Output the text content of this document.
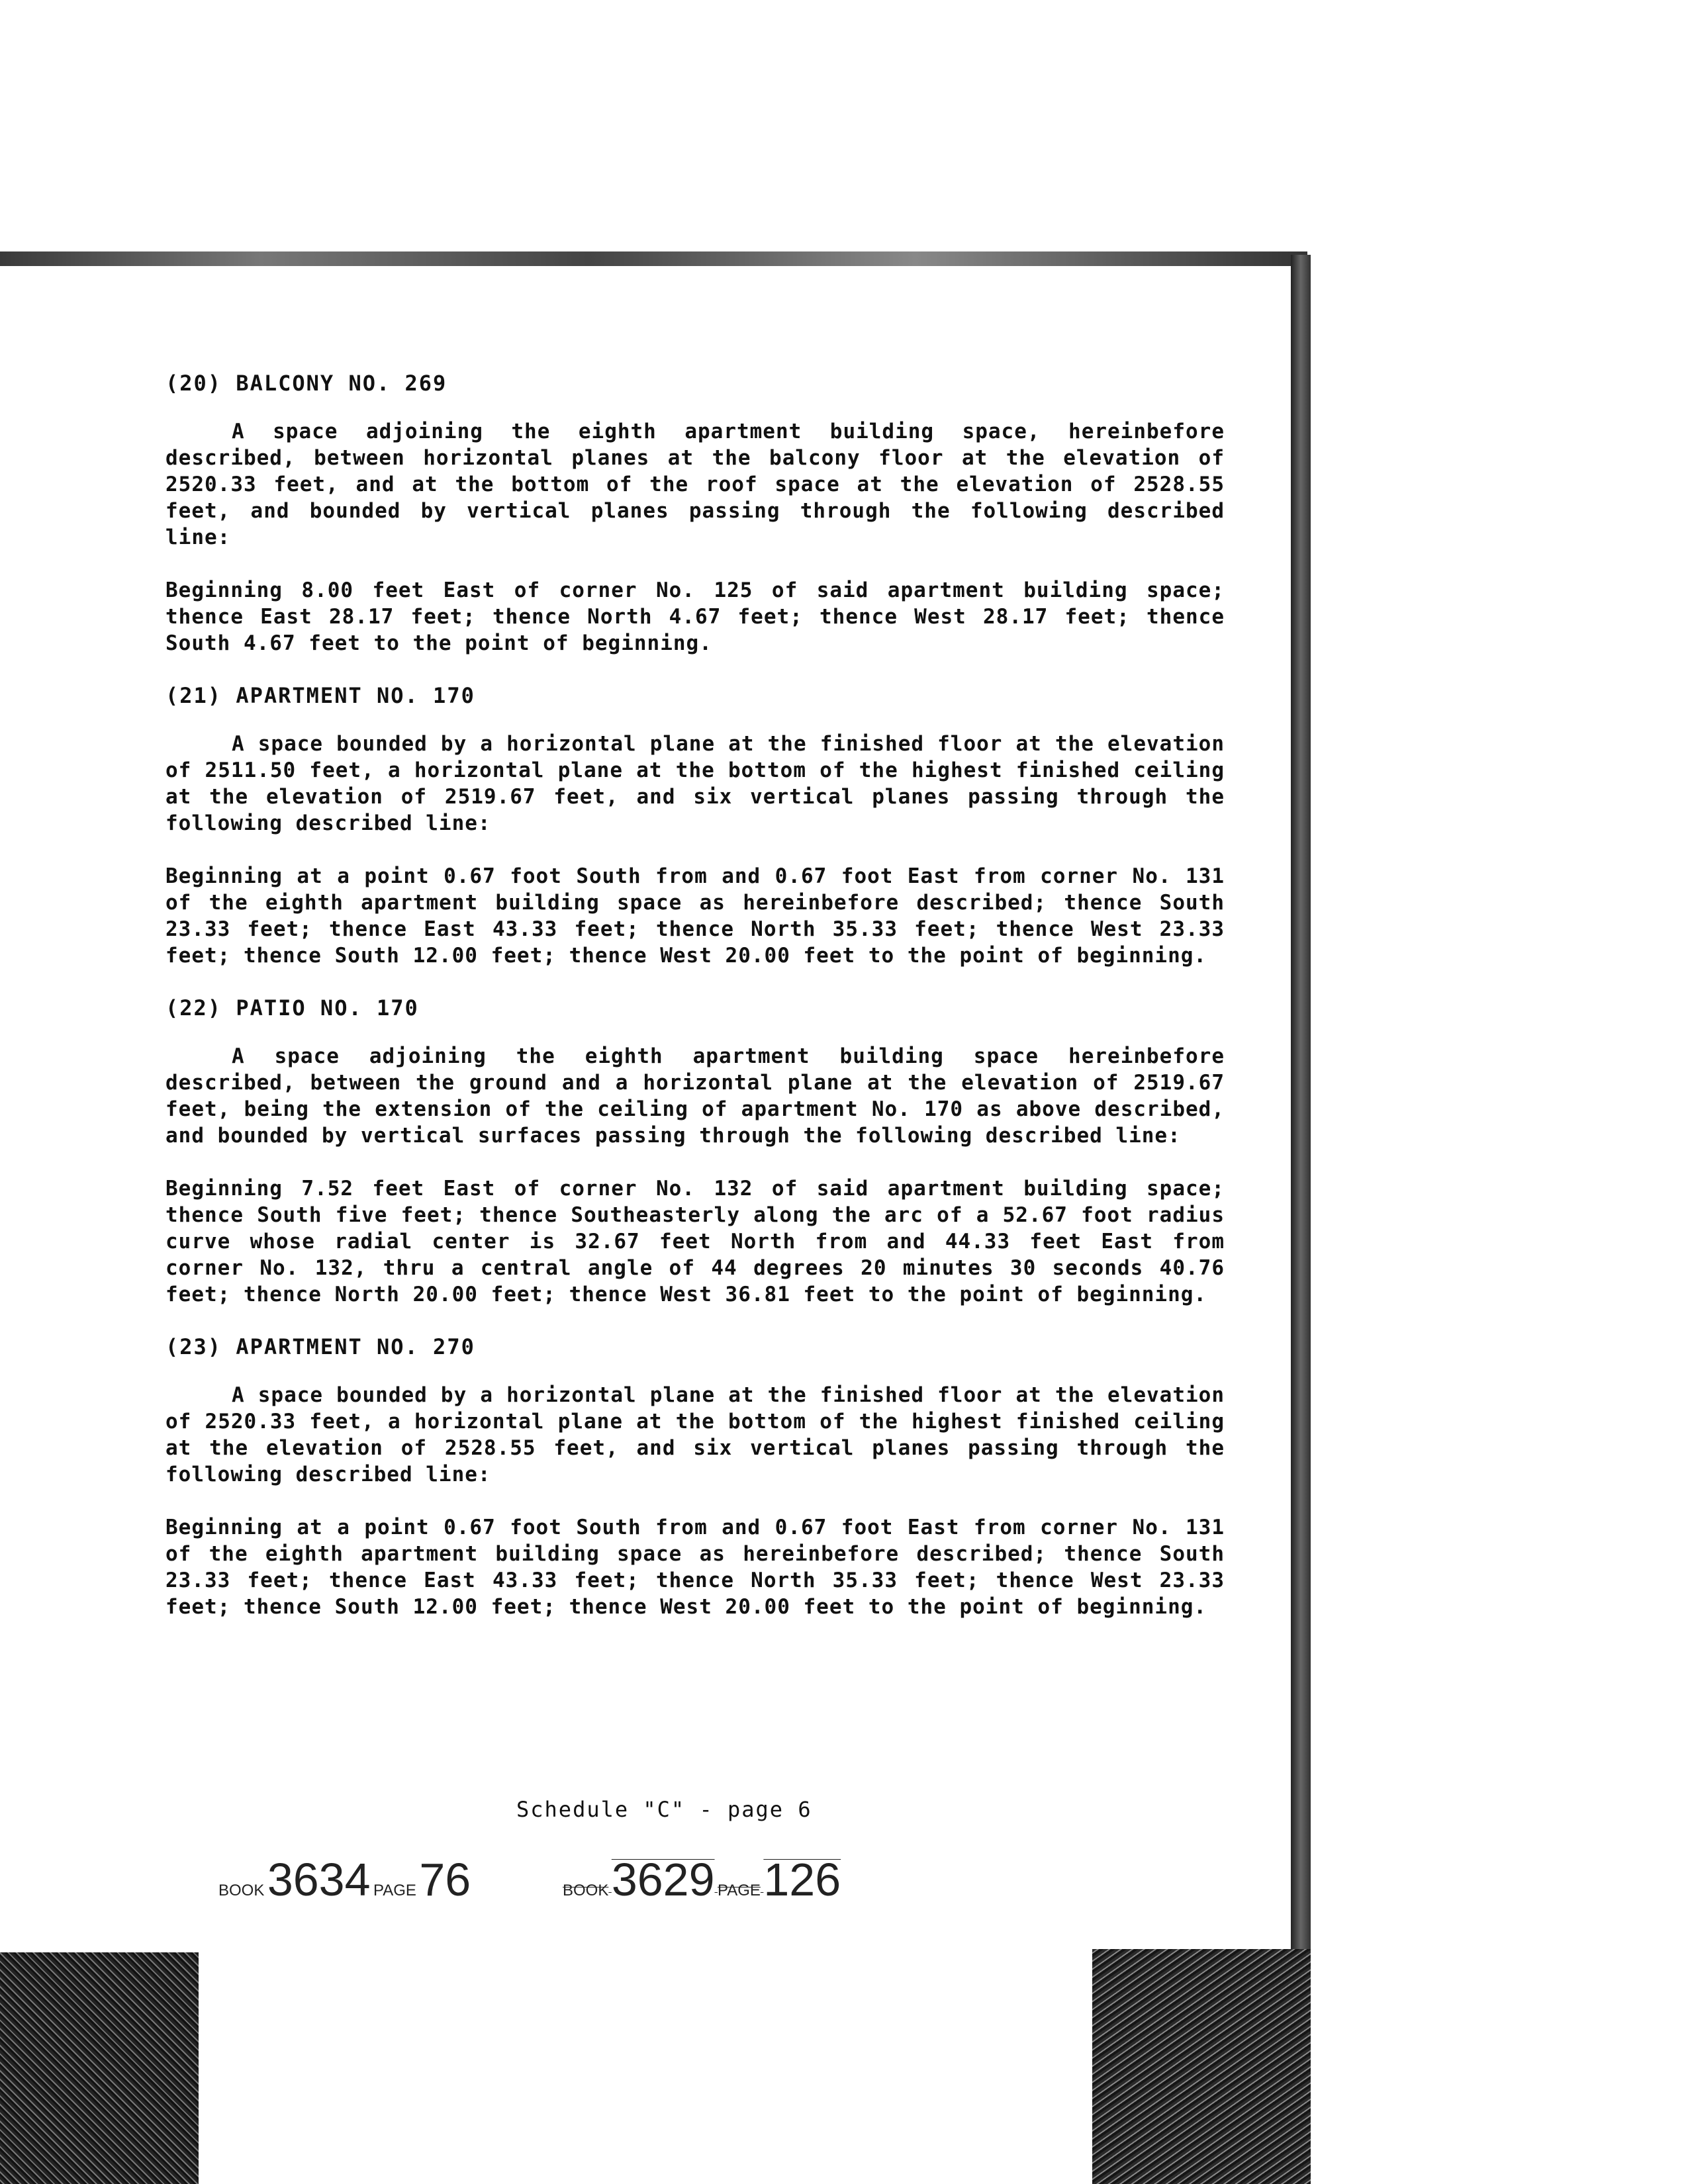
(20) BALCONY NO. 269

A space adjoining the eighth apartment building space, hereinbefore described, between horizontal planes at the balcony floor at the elevation of 2520.33 feet, and at the bottom of the roof space at the elevation of 2528.55 feet, and bounded by vertical planes passing through the following described line:

Beginning 8.00 feet East of corner No. 125 of said apartment building space; thence East 28.17 feet; thence North 4.67 feet; thence West 28.17 feet; thence South 4.67 feet to the point of beginning.

(21) APARTMENT NO. 170

A space bounded by a horizontal plane at the finished floor at the elevation of 2511.50 feet, a horizontal plane at the bottom of the highest finished ceiling at the elevation of 2519.67 feet, and six vertical planes passing through the following described line:

Beginning at a point 0.67 foot South from and 0.67 foot East from corner No. 131 of the eighth apartment building space as hereinbefore described; thence South 23.33 feet; thence East 43.33 feet; thence North 35.33 feet; thence West 23.33 feet; thence South 12.00 feet; thence West 20.00 feet to the point of beginning.

(22) PATIO NO. 170

A space adjoining the eighth apartment building space hereinbefore described, between the ground and a horizontal plane at the elevation of 2519.67 feet, being the extension of the ceiling of apartment No. 170 as above described, and bounded by vertical surfaces passing through the following described line:

Beginning 7.52 feet East of corner No. 132 of said apartment building space; thence South five feet; thence Southeasterly along the arc of a 52.67 foot radius curve whose radial center is 32.67 feet North from and 44.33 feet East from corner No. 132, thru a central angle of 44 degrees 20 minutes 30 seconds 40.76 feet; thence North 20.00 feet; thence West 36.81 feet to the point of beginning.

(23) APARTMENT NO. 270

A space bounded by a horizontal plane at the finished floor at the elevation of 2520.33 feet, a horizontal plane at the bottom of the highest finished ceiling at the elevation of 2528.55 feet, and six vertical planes passing through the following described line:

Beginning at a point 0.67 foot South from and 0.67 foot East from corner No. 131 of the eighth apartment building space as hereinbefore described; thence South 23.33 feet; thence East 43.33 feet; thence North 35.33 feet; thence West 23.33 feet; thence South 12.00 feet; thence West 20.00 feet to the point of beginning.

Schedule "C" - page 6
BOOK 3634 PAGE 76	BOOK 3629 PAGE 126
